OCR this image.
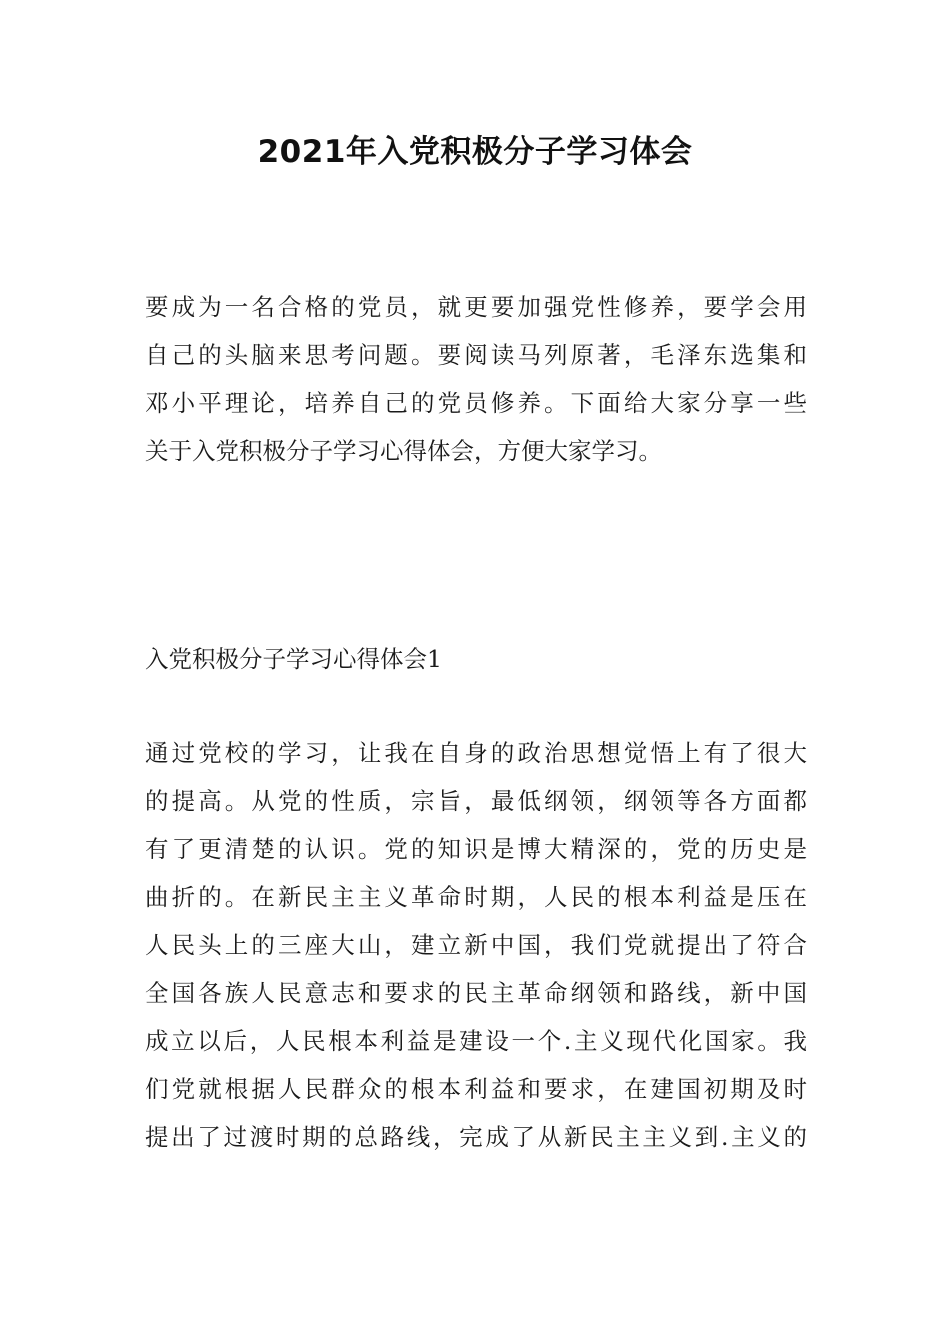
2021年入党积极分子学习体会
要成为一名合格的党员，就更要加强党性修养，要学会用
自己的头脑来思考问题。要阅读马列原著，毛泽东选集和
邓小平理论，培养自己的党员修养。下面给大家分享一些
关于入党积极分子学习心得体会，方便大家学习。
入党积极分子学习心得体会1
通过党校的学习，让我在自身的政治思想觉悟上有了很大
的提高。从党的性质，宗旨，最低纲领，纲领等各方面都
有了更清楚的认识。党的知识是博大精深的，党的历史是
曲折的。在新民主主义革命时期，人民的根本利益是压在
人民头上的三座大山，建立新中国，我们党就提出了符合
全国各族人民意志和要求的民主革命纲领和路线，新中国
成立以后，人民根本利益是建设一个.主义现代化国家。我
们党就根据人民群众的根本利益和要求，在建国初期及时
提出了过渡时期的总路线，完成了从新民主主义到.主义的
